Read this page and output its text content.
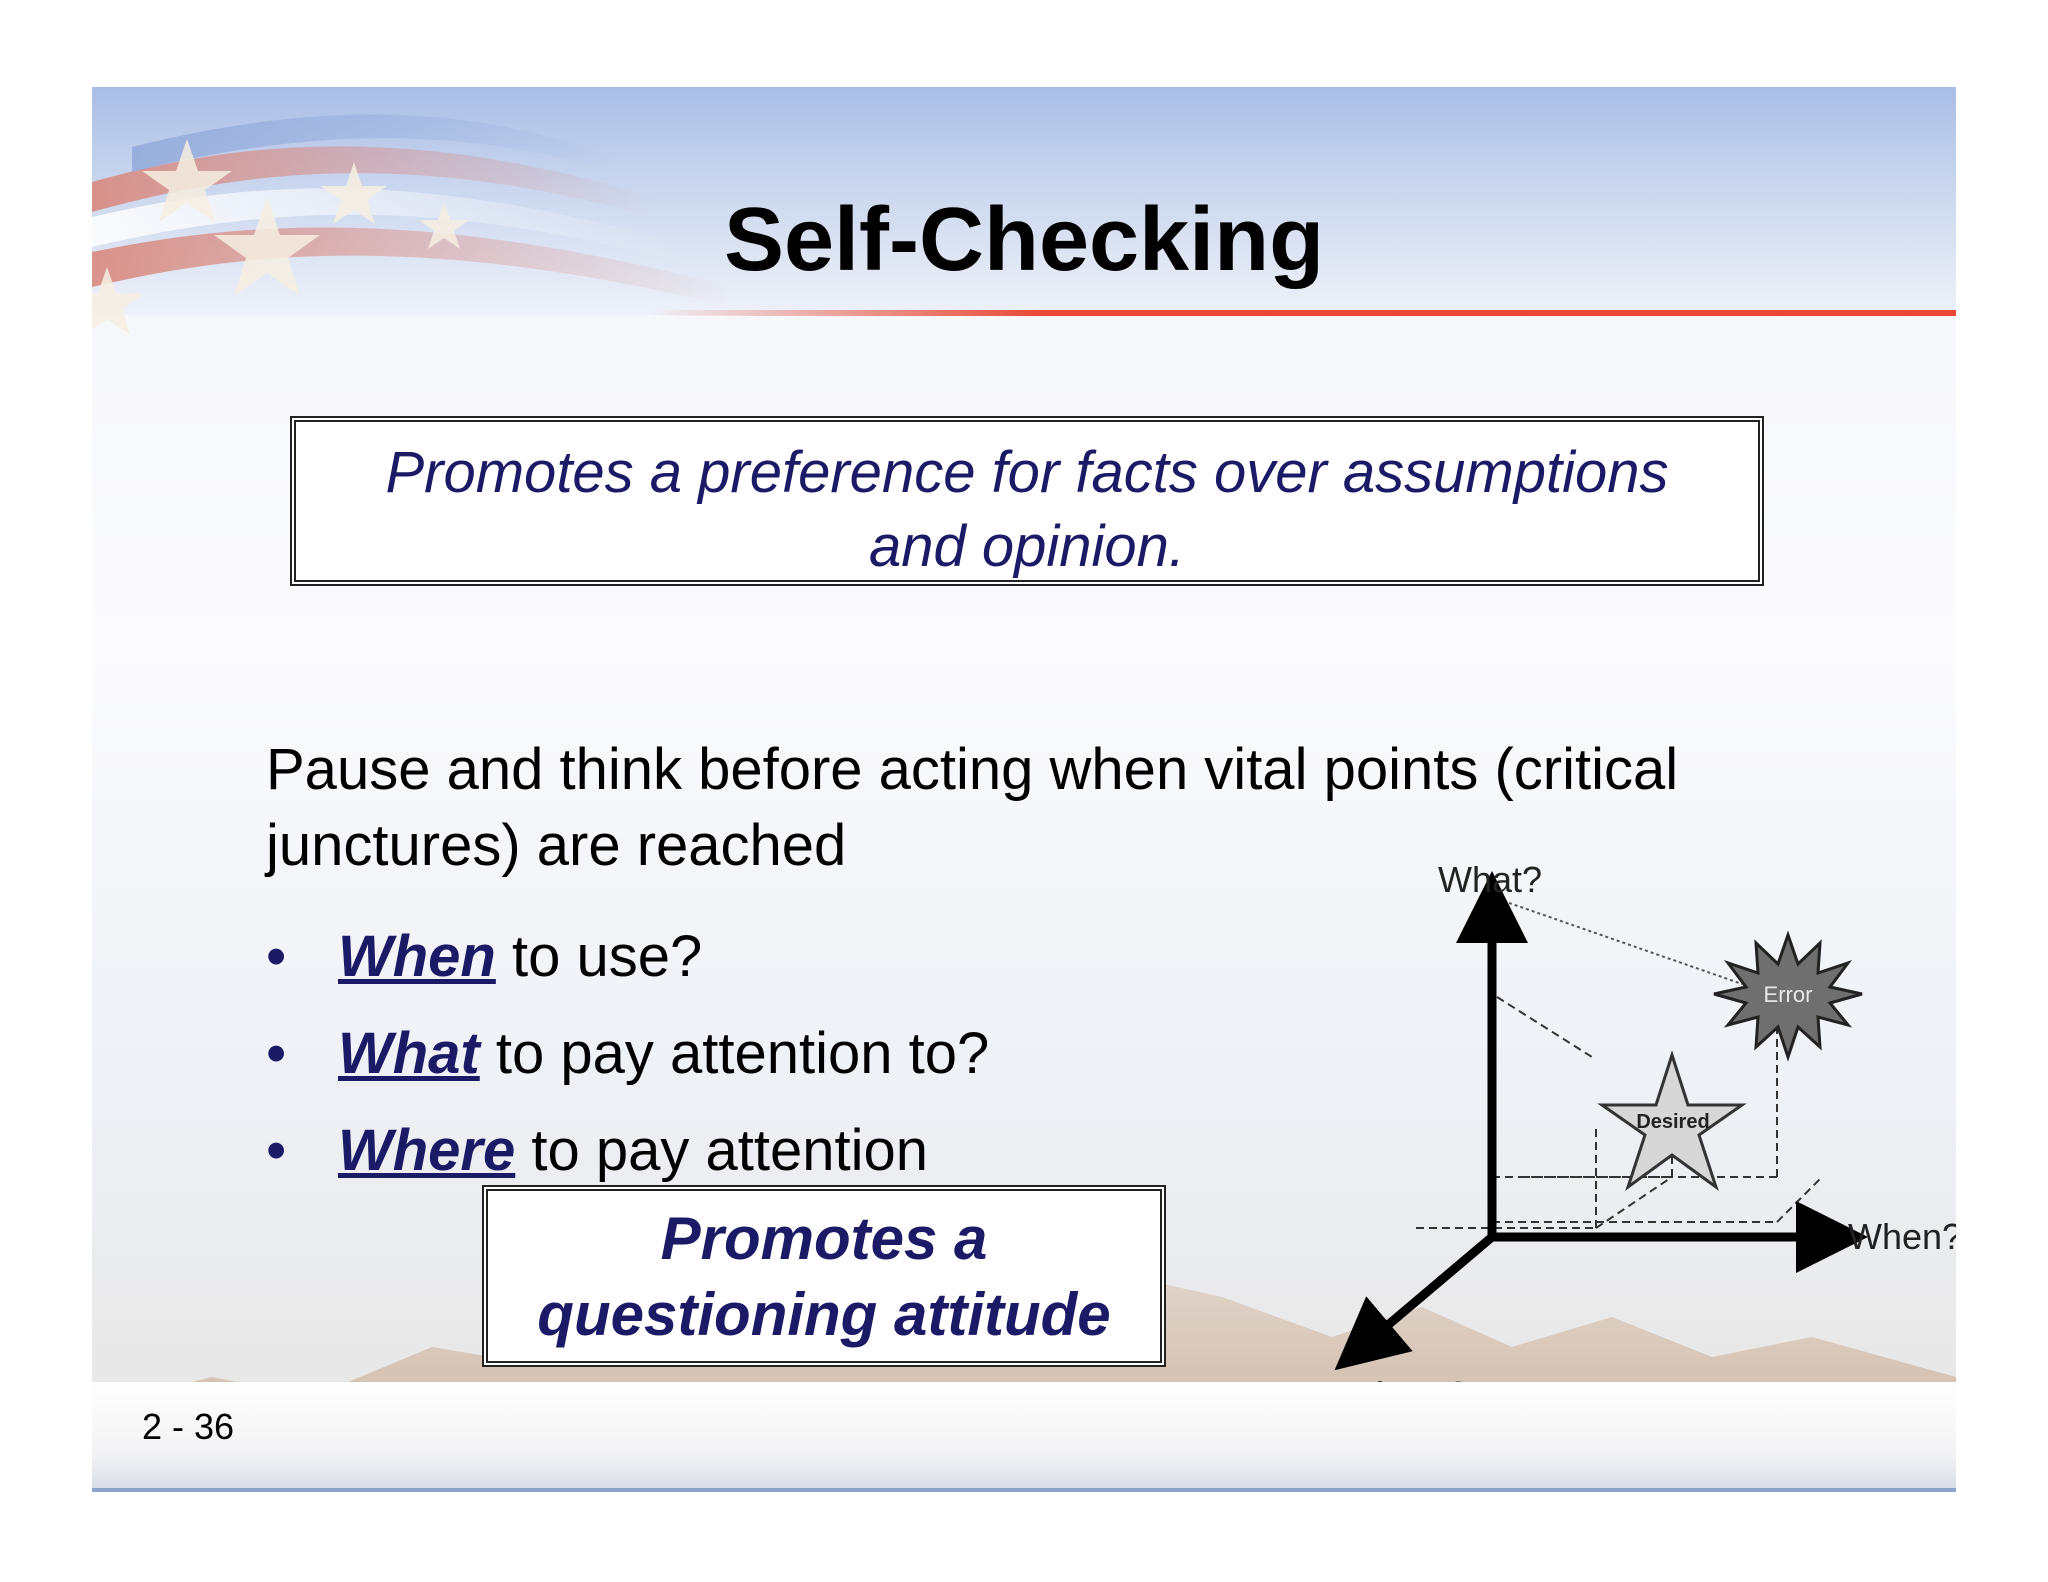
Self-Checking
Promotes a preference for facts over assumptions
and opinion.
Pause and think before acting when vital points (critical
junctures) are reached
• When to use?
• What to pay attention to?
• Where to pay attention
Promotes a
questioning attitude
Desired
Error
What?
When?
2 - 36
